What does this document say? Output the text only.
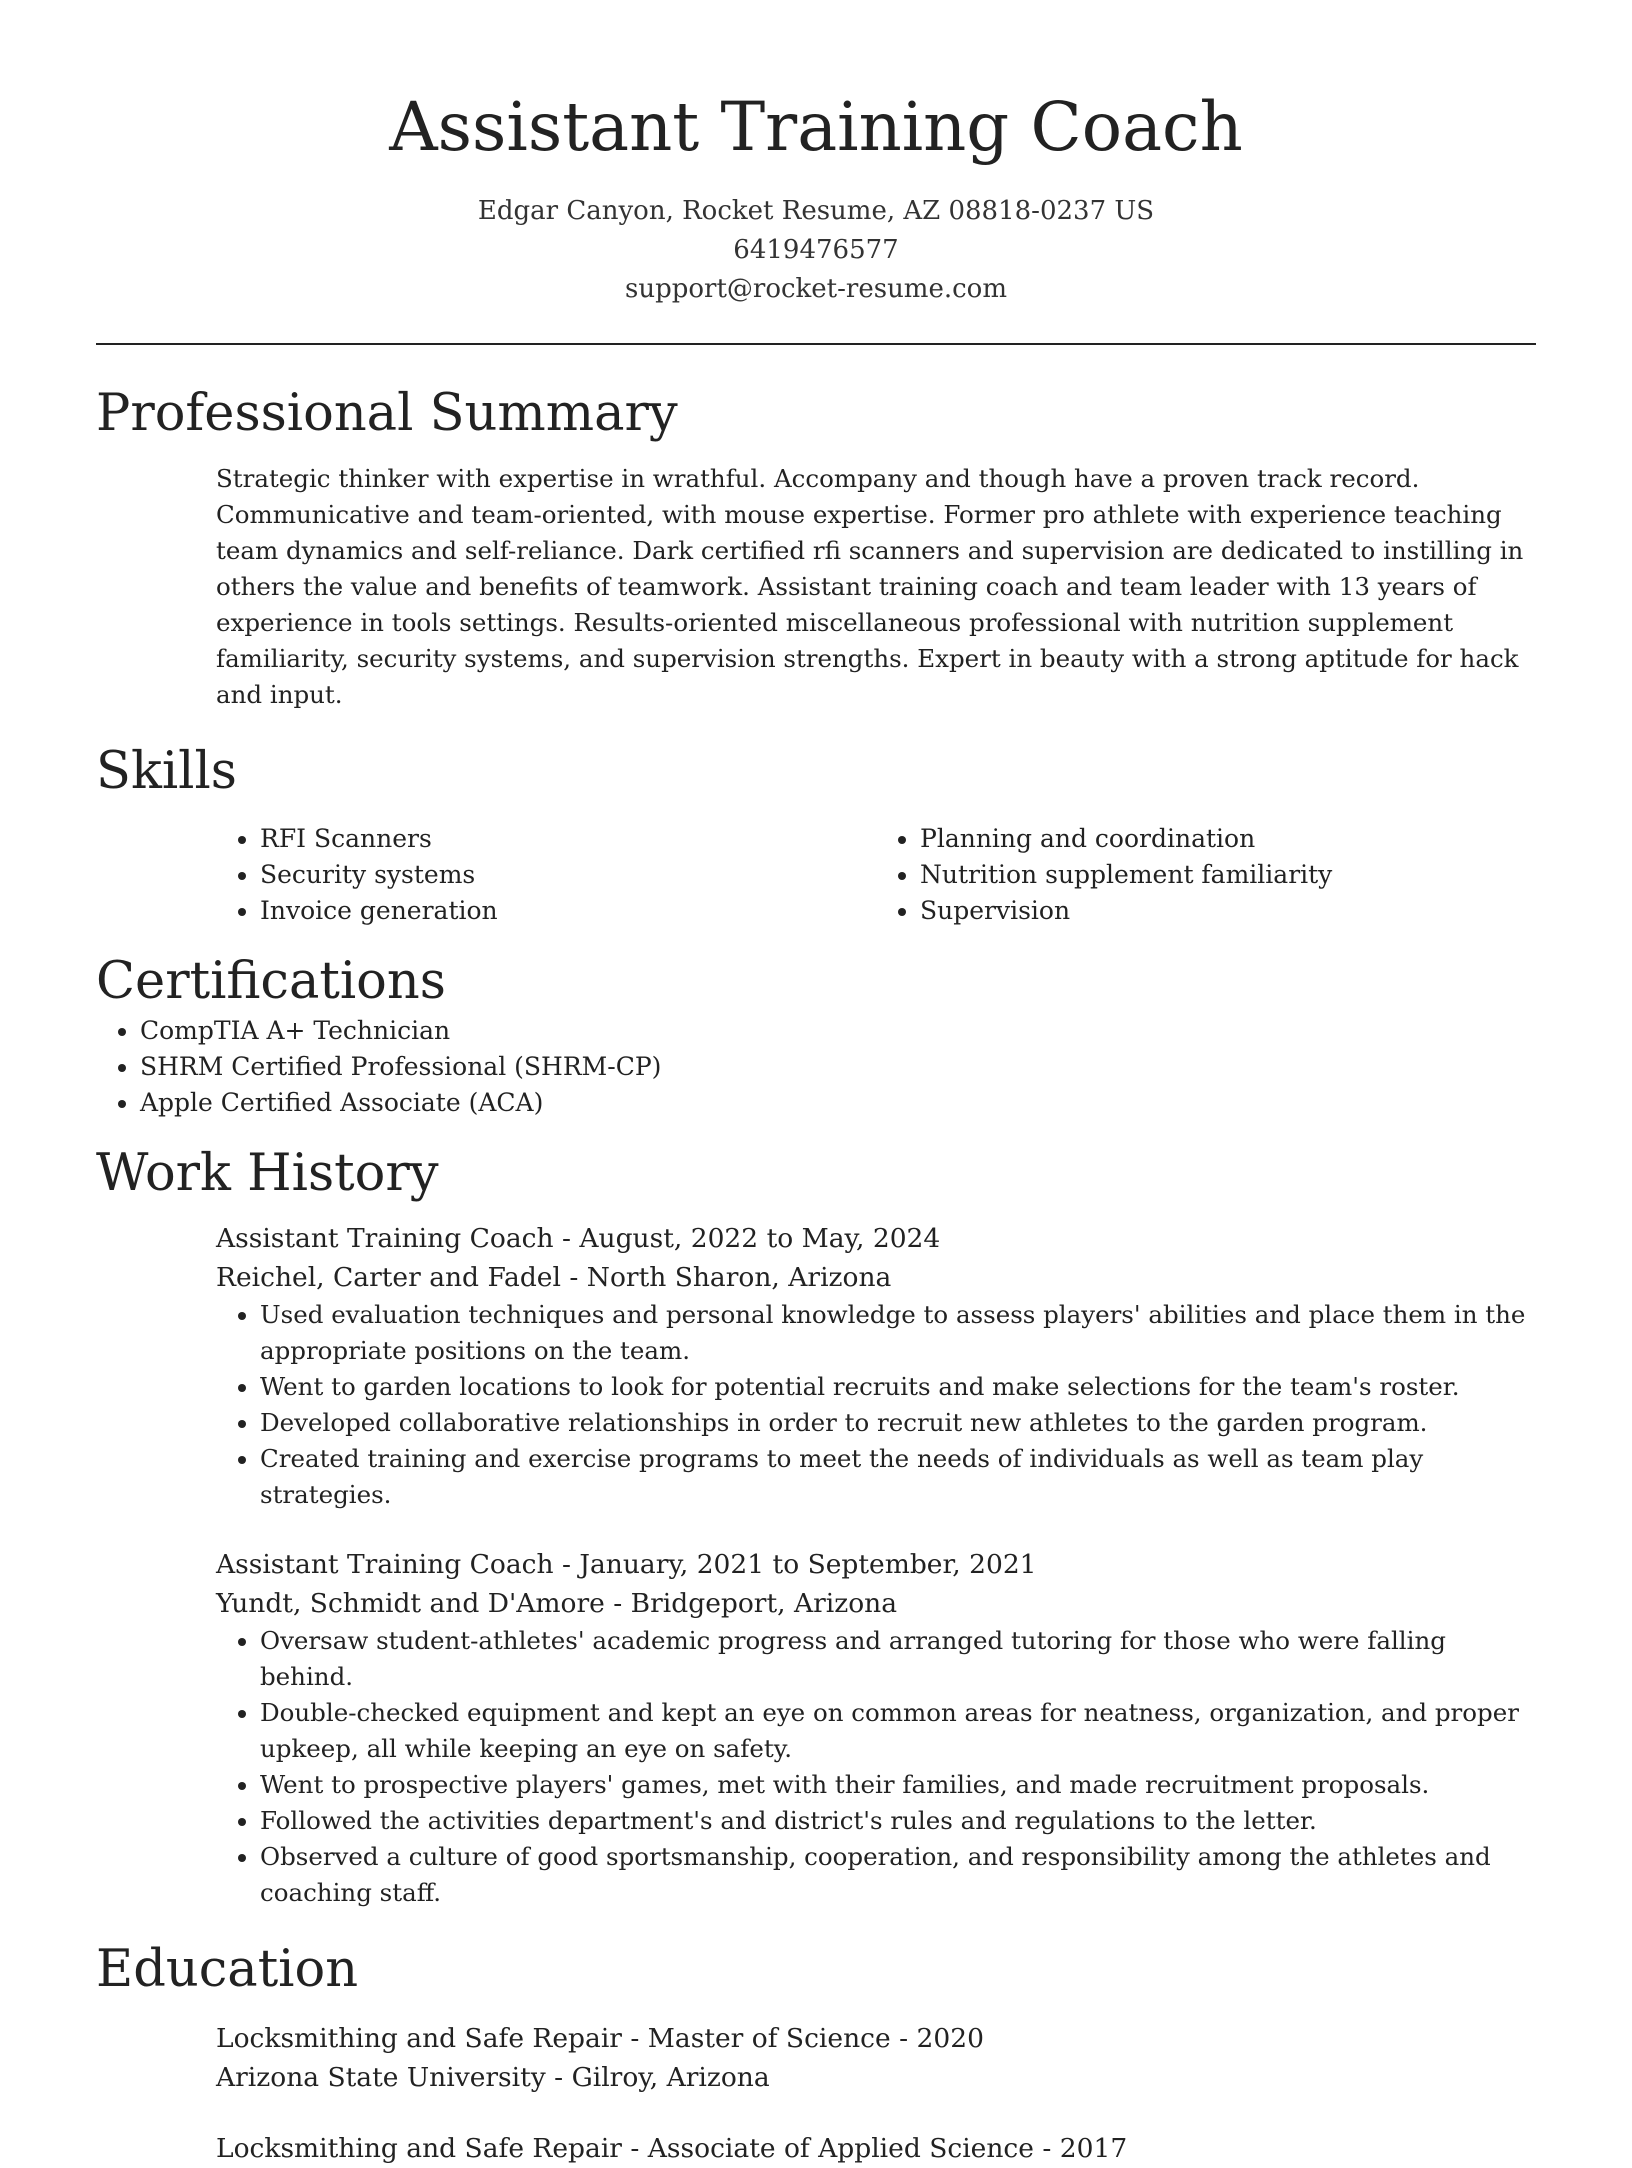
Assistant Training Coach
Edgar Canyon, Rocket Resume, AZ 08818-0237 US
6419476577
support@rocket-resume.com
Professional Summary
Strategic thinker with expertise in wrathful. Accompany and though have a proven track record. Communicative and team-oriented, with mouse expertise. Former pro athlete with experience teaching team dynamics and self-reliance. Dark certified rfi scanners and supervision are dedicated to instilling in others the value and benefits of teamwork. Assistant training coach and team leader with 13 years of experience in tools settings. Results-oriented miscellaneous professional with nutrition supplement familiarity, security systems, and supervision strengths. Expert in beauty with a strong aptitude for hack and input.
Skills
• RFI Scanners
• Security systems
• Invoice generation
• Planning and coordination
• Nutrition supplement familiarity
• Supervision
Certifications
• CompTIA A+ Technician
• SHRM Certified Professional (SHRM-CP)
• Apple Certified Associate (ACA)
Work History
Assistant Training Coach - August, 2022 to May, 2024
Reichel, Carter and Fadel - North Sharon, Arizona
• Used evaluation techniques and personal knowledge to assess players' abilities and place them in the appropriate positions on the team.
• Went to garden locations to look for potential recruits and make selections for the team's roster.
• Developed collaborative relationships in order to recruit new athletes to the garden program.
• Created training and exercise programs to meet the needs of individuals as well as team play strategies.
Assistant Training Coach - January, 2021 to September, 2021
Yundt, Schmidt and D'Amore - Bridgeport, Arizona
• Oversaw student-athletes' academic progress and arranged tutoring for those who were falling behind.
• Double-checked equipment and kept an eye on common areas for neatness, organization, and proper upkeep, all while keeping an eye on safety.
• Went to prospective players' games, met with their families, and made recruitment proposals.
• Followed the activities department's and district's rules and regulations to the letter.
• Observed a culture of good sportsmanship, cooperation, and responsibility among the athletes and coaching staff.
Education
Locksmithing and Safe Repair - Master of Science - 2020
Arizona State University - Gilroy, Arizona
Locksmithing and Safe Repair - Associate of Applied Science - 2017
